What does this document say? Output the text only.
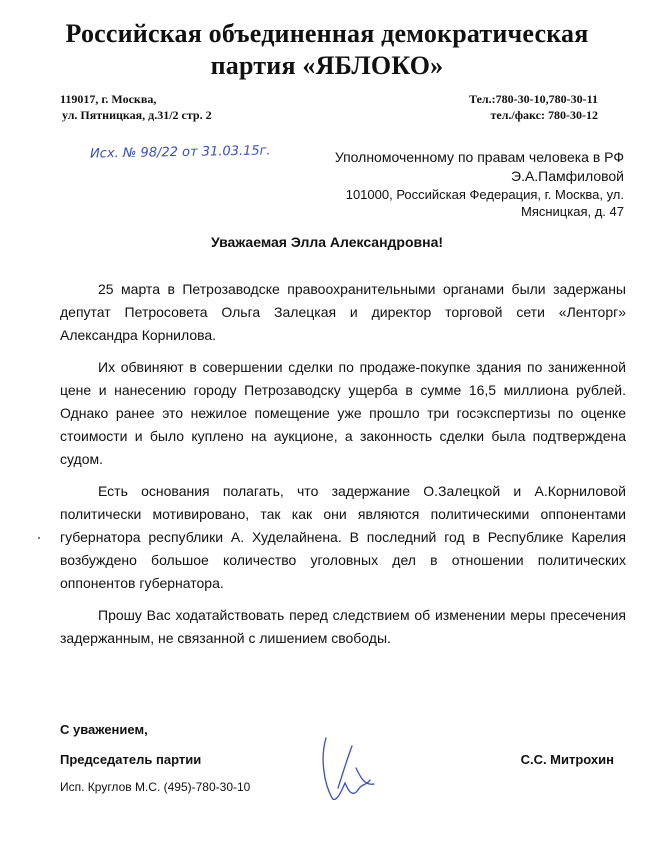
Российская объединенная демократическая
партия «ЯБЛОКО»
119017, г. Москва,
ул. Пятницкая, д.31/2 стр. 2
Тел.:780-30-10,780-30-11
тел./факс: 780-30-12
Исх. № 98/22 от 31.03.15г.	Уполномоченному по правам человека в РФ
Э.А.Памфиловой
101000, Российская Федерация, г. Москва, ул.
Мясницкая, д. 47
Уважаемая Элла Александровна!

25 марта в Петрозаводске правоохранительными органами были задержаны депутат Петросовета Ольга Залецкая и директор торговой сети «Ленторг» Александра Корнилова.

Их обвиняют в совершении сделки по продаже-покупке здания по заниженной цене и нанесению городу Петрозаводску ущерба в сумме 16,5 миллиона рублей. Однако ранее это нежилое помещение уже прошло три госэкспертизы по оценке стоимости и было куплено на аукционе, а законность сделки была подтверждена судом.

Есть основания полагать, что задержание О.Залецкой и А.Корниловой политически мотивировано, так как они являются политическими оппонентами губернатора республики А. Худелайнена. В последний год в Республике Карелия возбуждено большое количество уголовных дел в отношении политических оппонентов губернатора.

Прошу Вас ходатайствовать перед следствием об изменении меры пресечения задержанным, не связанной с лишением свободы.

С уважением,
Председатель партии
Исп. Круглов М.С. (495)-780-30-10
С.С. Митрохин
